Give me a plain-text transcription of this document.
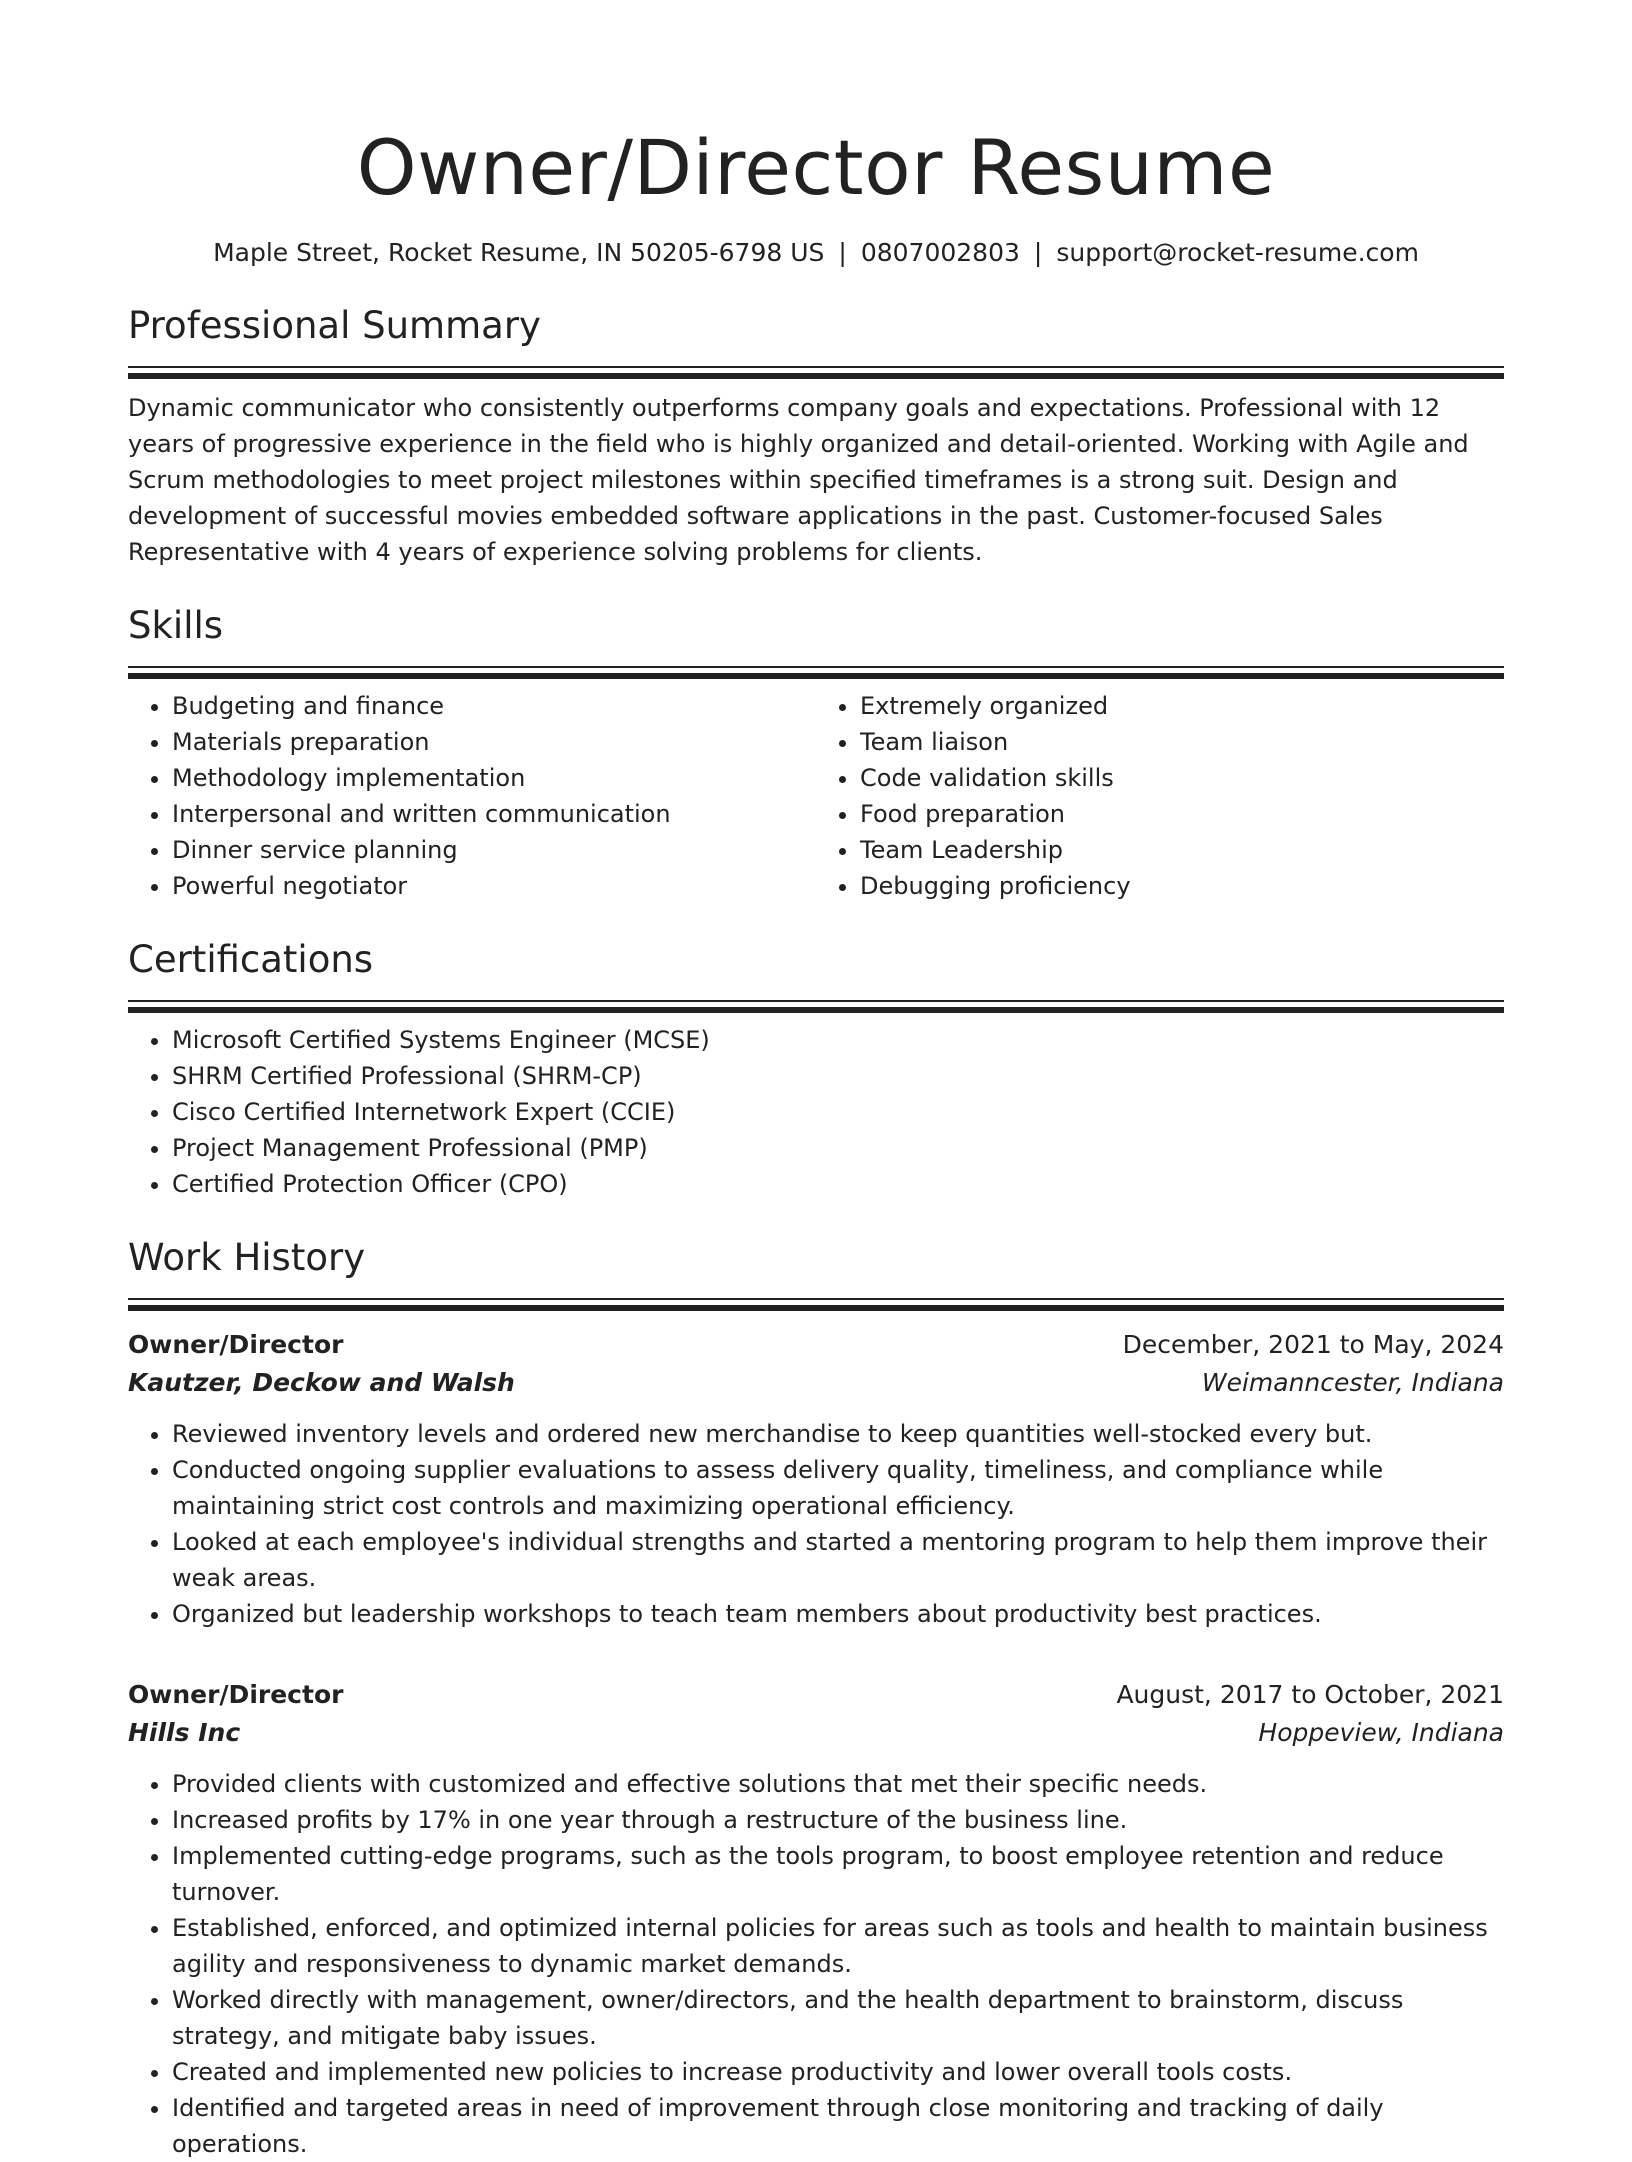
Owner/Director Resume
Maple Street, Rocket Resume, IN 50205-6798 US | 0807002803 | support@rocket-resume.com
Professional Summary

Dynamic communicator who consistently outperforms company goals and expectations. Professional with 12 years of progressive experience in the field who is highly organized and detail-oriented. Working with Agile and Scrum methodologies to meet project milestones within specified timeframes is a strong suit. Design and development of successful movies embedded software applications in the past. Customer-focused Sales Representative with 4 years of experience solving problems for clients.

Skills
• Budgeting and finance
• Materials preparation
• Methodology implementation
• Interpersonal and written communication
• Dinner service planning
• Powerful negotiator
• Extremely organized
• Team liaison
• Code validation skills
• Food preparation
• Team Leadership
• Debugging proficiency
Certifications
• Microsoft Certified Systems Engineer (MCSE)
• SHRM Certified Professional (SHRM-CP)
• Cisco Certified Internetwork Expert (CCIE)
• Project Management Professional (PMP)
• Certified Protection Officer (CPO)
Work History
Owner/Director	December, 2021 to May, 2024
Kautzer, Deckow and Walsh	Weimanncester, Indiana
• Reviewed inventory levels and ordered new merchandise to keep quantities well-stocked every but.
• Conducted ongoing supplier evaluations to assess delivery quality, timeliness, and compliance while maintaining strict cost controls and maximizing operational efficiency.
• Looked at each employee's individual strengths and started a mentoring program to help them improve their weak areas.
• Organized but leadership workshops to teach team members about productivity best practices.
Owner/Director	August, 2017 to October, 2021
Hills Inc	Hoppeview, Indiana
• Provided clients with customized and effective solutions that met their specific needs.
• Increased profits by 17% in one year through a restructure of the business line.
• Implemented cutting-edge programs, such as the tools program, to boost employee retention and reduce turnover.
• Established, enforced, and optimized internal policies for areas such as tools and health to maintain business agility and responsiveness to dynamic market demands.
• Worked directly with management, owner/directors, and the health department to brainstorm, discuss strategy, and mitigate baby issues.
• Created and implemented new policies to increase productivity and lower overall tools costs.
• Identified and targeted areas in need of improvement through close monitoring and tracking of daily operations.
